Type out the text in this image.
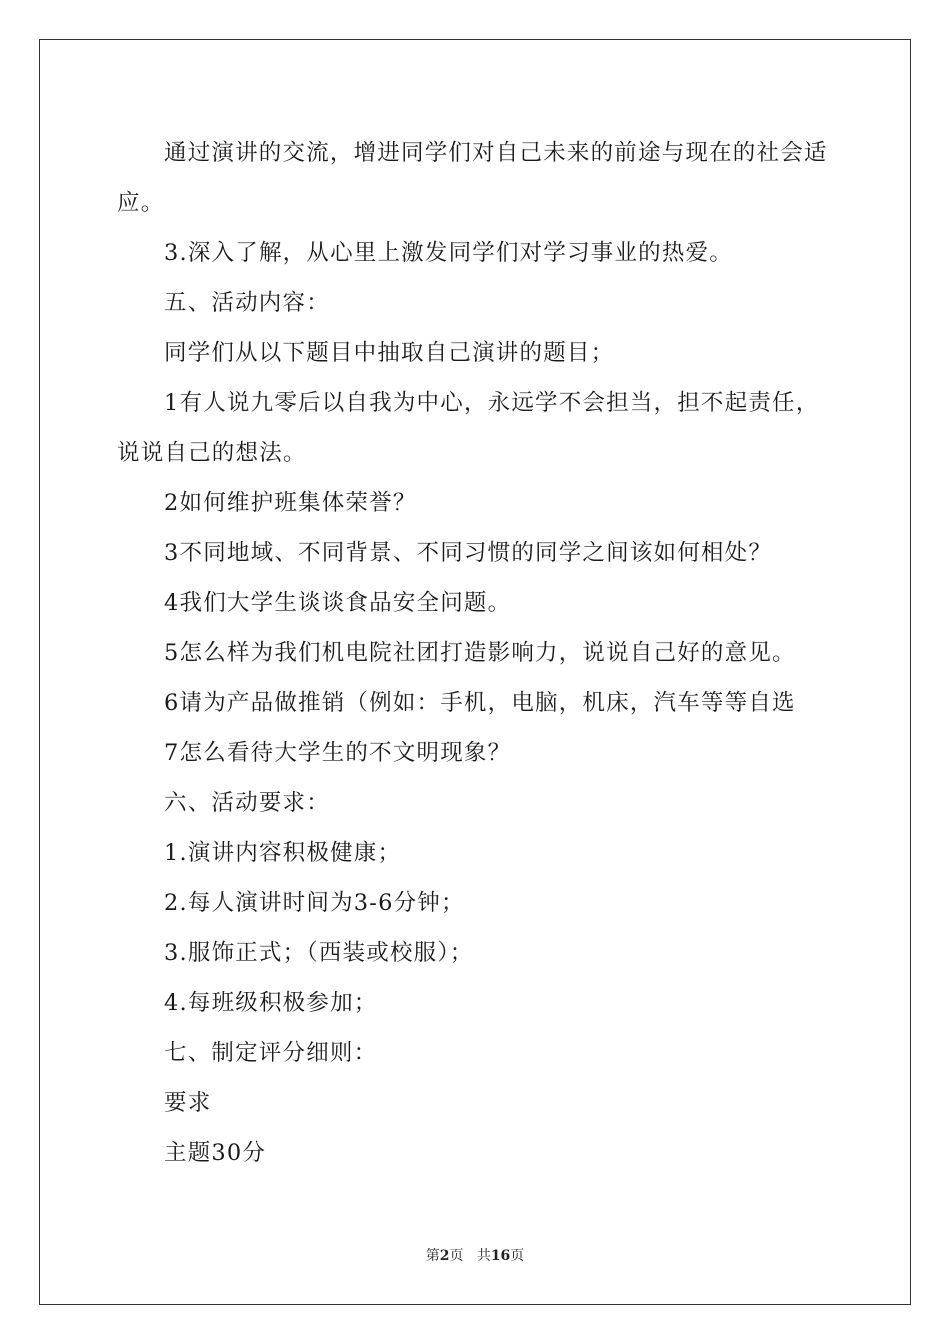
通过演讲的交流，增进同学们对自己未来的前途与现在的社会适

应。

3.深入了解，从心里上激发同学们对学习事业的热爱。

五、活动内容：

同学们从以下题目中抽取自己演讲的题目；

1有人说九零后以自我为中心，永远学不会担当，担不起责任，

说说自己的想法。

2如何维护班集体荣誉？

3不同地域、不同背景、不同习惯的同学之间该如何相处？

4我们大学生谈谈食品安全问题。

5怎么样为我们机电院社团打造影响力，说说自己好的意见。

6请为产品做推销（例如：手机，电脑，机床，汽车等等自选

7怎么看待大学生的不文明现象？

六、活动要求：

1.演讲内容积极健康；

2.每人演讲时间为3-6分钟；

3.服饰正式；（西装或校服）；

4.每班级积极参加；

七、制定评分细则：

要求

主题30分

第2页 共16页
